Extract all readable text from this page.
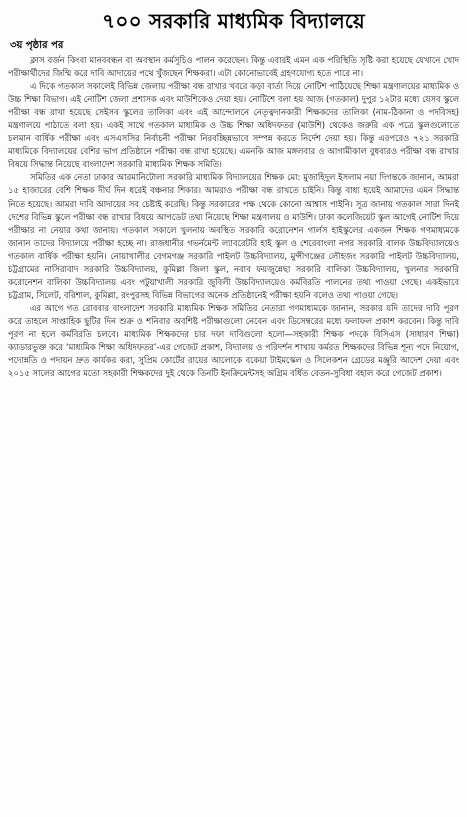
৭০০ সরকারি মাধ্যমিক বিদ্যালয়ে
৩য় পৃষ্ঠার পর

ক্লাস বর্জন কিংবা মানববন্ধন বা অবস্থান কর্মসূচিও পালন করেছেন। কিন্তু এবারই এমন এক পরিস্থিতি সৃষ্টি করা হয়েছে যেখানে খোদ পরীক্ষার্থীদের জিম্মি করে দাবি আদায়ের পথে খুঁজছেন শিক্ষকরা। এটা কোনোভাবেই গ্রহণযোগ্য হতে পারে না।

এ দিকে গতকাল সকালেই বিভিন্ন জেলায় পরীক্ষা বন্ধ রাখার খবরে কড়া বার্তা দিয়ে নোটিশ পাঠিয়েছে শিক্ষা মন্ত্রণালয়ের মাধ্যমিক ও উচ্চ শিক্ষা বিভাগ। এই নোটিশ জেলা প্রশাসক এবং মাউশিকেও দেয়া হয়। নোটিশে বলা হয় আজ (গতকাল) দুপুর ১২টার মধ্যে যেসব স্কুলে পরীক্ষা বন্ধ রাখা হয়েছে সেইসব স্কুলের তালিকা এবং এই আন্দোলনে নেতৃত্বদানকারী শিক্ষকদের তালিকা (নাম-ঠিকানা ও পদবিসহ) মন্ত্রণালয়ে পাঠাতে বলা হয়। একই সাথে গতকাল মাধ্যমিক ও উচ্চ শিক্ষা অধিদফতর (মাউশি) থেকেও জরুরি এক পত্রে স্কুলগুলোতে চলমান বার্ষিক পরীক্ষা এবং এসএসসির নির্বাচনী পরীক্ষা নিরবচ্ছিন্নভাবে সম্পন্ন করতে নির্দেশ দেয়া হয়। কিন্তু এরপরেও ৭২১ সরকারি মাধ্যমিকে বিদ্যালয়ের বেশির ভাগ প্রতিষ্ঠানে পরীক্ষা বন্ধ রাখা হয়েছে। এমনকি আজ মঙ্গলবার ও আগামীকাল বুধবারও পরীক্ষা বন্ধ রাখার বিষয়ে সিদ্ধান্ত নিয়েছে বাংলাদেশ সরকারি মাধ্যমিক শিক্ষক সমিতি।

সমিতির এক নেতা ঢাকার আরমানিটোলা সরকারি মাধ্যমিক বিদ্যালয়ের শিক্ষক মো: মুজাহিদুল ইসলাম নয়া দিগন্তকে জানান, আমরা ১৫ হাজারের বেশি শিক্ষক দীর্ঘ দিন ধরেই বঞ্চনার শিকার। আমরাও পরীক্ষা বন্ধ রাখতে চাইনি। কিন্তু বাধ্য হয়েই আমাদের এমন সিদ্ধান্ত নিতে হয়েছে। আমরা দাবি আদায়ের সব চেষ্টাই করেছি। কিন্তু সরকারের পক্ষ থেকে কোনো আশ্বাস পাইনি। সূত্র জানায় গতকাল সারা দিনই দেশের বিভিন্ন স্কুলে পরীক্ষা বন্ধ রাখার বিষয়ে আপডেট তথ্য নিয়েছে শিক্ষা মন্ত্রণালয় ও মাউশি। ঢাকা কলেজিয়েট স্কুল আগেই নোটিশ দিয়ে পরীক্ষার না নেয়ার কথা জানায়। গতকাল সকালে খুলনায় অবস্থিত সরকারি করোনেশন গার্লস হাইস্কুলের একজন শিক্ষক গণমাধ্যমকে জানান তাদের বিদ্যালয়ে পরীক্ষা হচ্ছে না। রাজধানীর গভর্নমেন্ট ল্যাবরেটরি হাই স্কুল ও শেরেবাংলা নগর সরকারি বালক উচ্চবিদ্যালয়েও গতকাল বার্ষিক পরীক্ষা হয়নি। নোয়াখালীর বেগমগঞ্জ সরকারি পাইলট উচ্চবিদ্যালয়, মুন্সীগঞ্জের লৌহজং সরকারি পাইলট উচ্চবিদ্যালয়, চট্টগ্রামের নাসিরাবাদ সরকারি উচ্চবিদ্যালয়, কুমিল্লা জিলা স্কুল, নবাব ফয়জুন্নেছা সরকারি বালিকা উচ্চবিদ্যালয়, খুলনার সরকারি করোনেশন বালিকা উচ্চবিদ্যালয় এবং পটুয়াখালী সরকারি জুবিলী উচ্চবিদ্যালয়েও কর্মবিরতি পালনের তথ্য পাওয়া গেছে। একইভাবে চট্টগ্রাম, সিলেট, বরিশাল, কুমিল্লা, রংপুরসহ বিভিন্ন বিভাগের অনেক প্রতিষ্ঠানেই পরীক্ষা হয়নি বলেও তথ্য পাওয়া গেছে।

এর আগে গত রোববার বাংলাদেশ সরকারি মাধ্যমিক শিক্ষক সমিতির নেতারা গণমাধ্যমকে জানান, সরকার যদি তাদের দাবি পূরণ করে তাহলে সাপ্তাহিক ছুটির দিন শুক্র ও শনিবার অবশিষ্ট পরীক্ষাগুলো নেবেন এবং ডিসেম্বরের মধ্যে ফলাফল প্রকাশ করবেন। কিন্তু দাবি পূরণ না হলে কর্মবিরতি চলবে। মাধ্যমিক শিক্ষকদের চার দফা দাবিগুলো হলো—সহকারী শিক্ষক পদকে বিসিএস (সাধারণ শিক্ষা) ক্যাডারভুক্ত করে ‘মাধ্যমিক শিক্ষা অধিদফতর’-এর গেজেট প্রকাশ, বিদ্যালয় ও পরিদর্শন শাখায় কর্মরত শিক্ষকদের বিভিন্ন শূন্য পদে নিয়োগ, পদোন্নতি ও পদায়ন দ্রুত কার্যকর করা, সুপ্রিম কোর্টের রায়ের আলোকে বকেয়া টাইমস্কেল ও সিলেকশন গ্রেডের মঞ্জুরি আদেশ দেয়া এবং ২০১৫ সালের আগের মতো সহকারী শিক্ষকদের দুই থেকে তিনটি ইনক্রিমেন্টসহ অগ্রিম বর্ধিত বেতন-সুবিধা বহাল করে গেজেট প্রকাশ।
